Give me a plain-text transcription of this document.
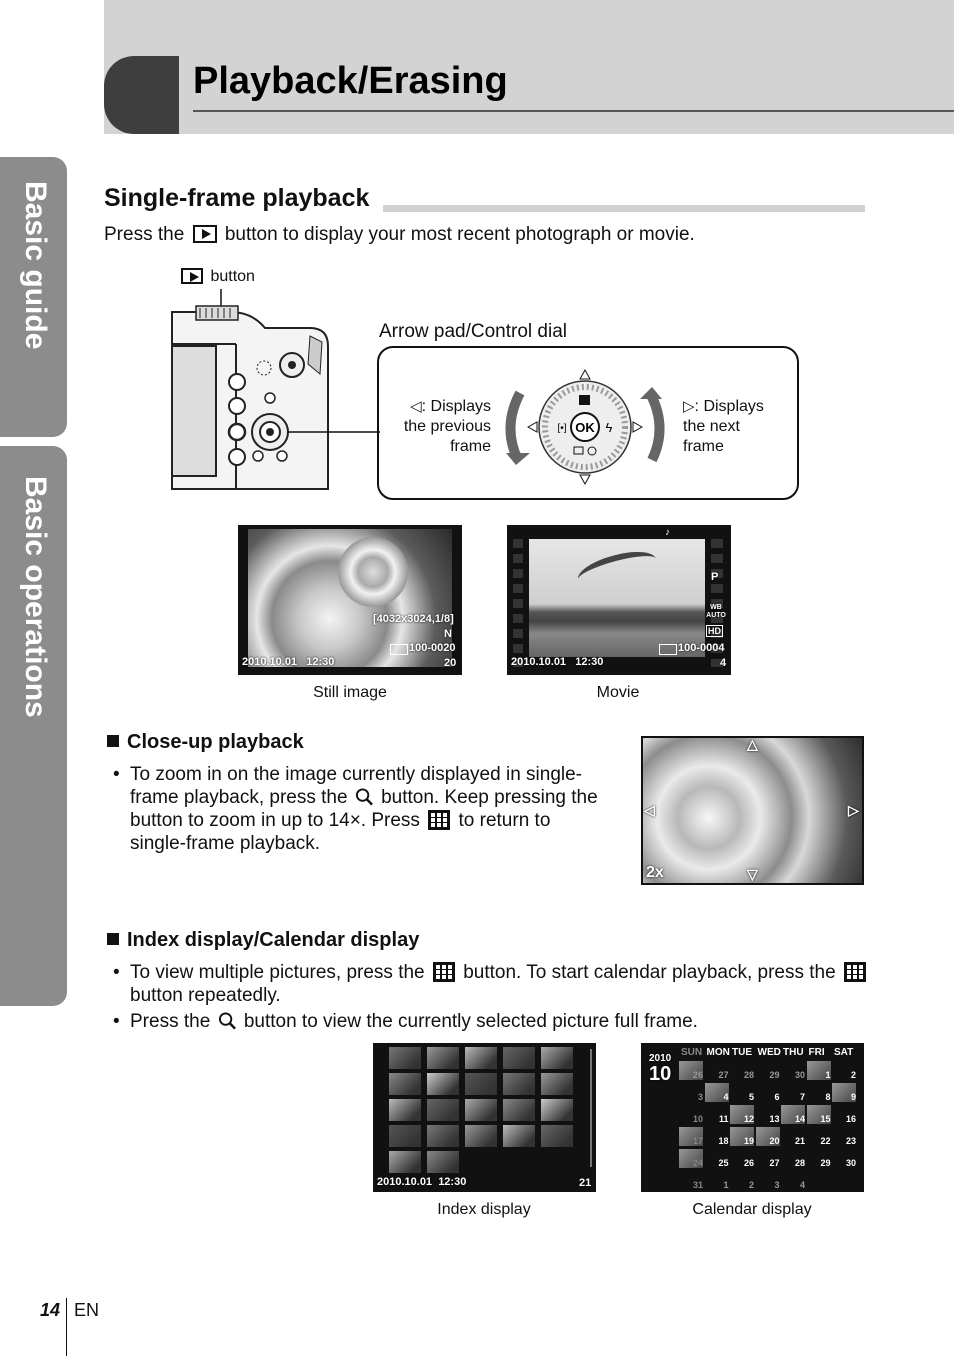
Playback/Erasing
Basic guide
Basic operations
Single-frame playback
Press the button to display your most recent photograph or movie.
button
Arrow pad/Control dial
◁: Displays the previous frame
▷: Displays the next frame
OK
[•]	ϟ
[4032x3024,1/8]
N
100-0020
2010.10.01 12:30	20
Still image
♪
P
WB AUTO
HD
100-0004
2010.10.01 12:30	4
Movie
Close-up playback
• To zoom in on the image currently displayed in single-frame playback, press the button. Keep pressing the button to zoom in up to 14×. Press to return to single-frame playback.
△
▽
◁	▷
2x
Index display/Calendar display
• To view multiple pictures, press the button. To start calendar playback, press the  button repeatedly.
• Press the button to view the currently selected picture full frame.
2010.10.01 12:30	21
Index display
2010
10
SUN MON TUE WED THU FRI SAT
26	27	28	29	30	1	2
3	4	5	6	7	8	9
10	11	12	13	14	15	16
17	18	19	20	21	22	23
24	25	26	27	28	29	30
31	1	2	3	4
Calendar display
14 EN
